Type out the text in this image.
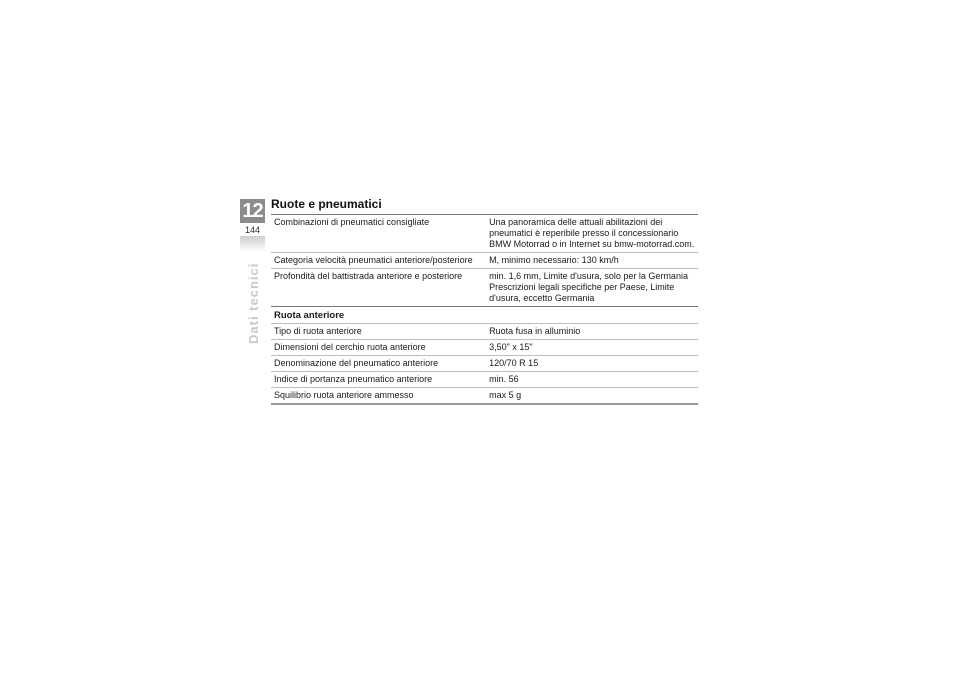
12
144
Dati tecnici
Ruote e pneumatici
Combinazioni di pneumatici consigliate	Una panoramica delle attuali abilitazioni dei pneumatici è reperibile presso il concessionario BMW Motorrad o in Internet su bmw-motorrad.com.
Categoria velocità pneumatici anteriore/posteriore	M, minimo necessario: 130 km/h
Profondità del battistrada anteriore e posteriore	min. 1,6 mm, Limite d'usura, solo per la Germania Prescrizioni legali specifiche per Paese, Limite d'usura, eccetto Germania
Ruota anteriore	
Tipo di ruota anteriore	Ruota fusa in alluminio
Dimensioni del cerchio ruota anteriore	3,50" x 15"
Denominazione del pneumatico anteriore	120/70 R 15
Indice di portanza pneumatico anteriore	min. 56
Squilibrio ruota anteriore ammesso	max 5 g
